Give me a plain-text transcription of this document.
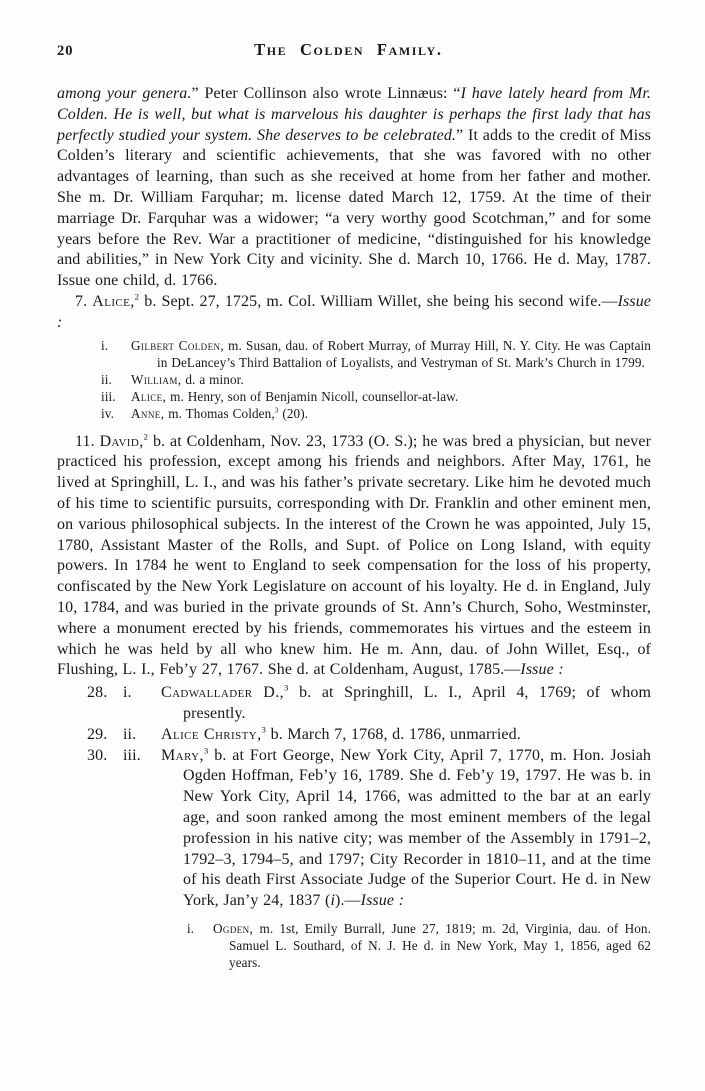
20	The Colden Family.

among your genera.” Peter Collinson also wrote Linnæus: “I have lately heard from Mr. Colden. He is well, but what is marvelous his daughter is perhaps the first lady that has perfectly studied your system. She deserves to be celebrated.” It adds to the credit of Miss Colden’s literary and scientific achievements, that she was favored with no other advantages of learning, than such as she received at home from her father and mother. She m. Dr. William Farquhar; m. license dated March 12, 1759. At the time of their marriage Dr. Farquhar was a widower; “a very worthy good Scotchman,” and for some years before the Rev. War a practitioner of medicine, “distinguished for his knowledge and abilities,” in New York City and vicinity. She d. March 10, 1766. He d. May, 1787. Issue one child, d. 1766.

7. Alice,$^2$ b. Sept. 27, 1725, m. Col. William Willet, she being his second wife.—Issue :

i.	Gilbert Colden, m. Susan, dau. of Robert Murray, of Murray Hill, N. Y. City. He was Captain in DeLancey’s Third Battalion of Loyalists, and Vestryman of St. Mark’s Church in 1799.
ii.	William, d. a minor.
iii.	Alice, m. Henry, son of Benjamin Nicoll, counsellor-at-law.
iv.	Anne, m. Thomas Colden,$^3$ (20).

11. David,$^2$ b. at Coldenham, Nov. 23, 1733 (O. S.); he was bred a physician, but never practiced his profession, except among his friends and neighbors. After May, 1761, he lived at Springhill, L. I., and was his father’s private secretary. Like him he devoted much of his time to scientific pursuits, corresponding with Dr. Franklin and other eminent men, on various philosophical subjects. In the interest of the Crown he was appointed, July 15, 1780, Assistant Master of the Rolls, and Supt. of Police on Long Island, with equity powers. In 1784 he went to England to seek compensation for the loss of his property, confiscated by the New York Legislature on account of his loyalty. He d. in England, July 10, 1784, and was buried in the private grounds of St. Ann’s Church, Soho, Westminster, where a monument erected by his friends, commemorates his virtues and the esteem in which he was held by all who knew him. He m. Ann, dau. of John Willet, Esq., of Flushing, L. I., Feb’y 27, 1767. She d. at Coldenham, August, 1785.—Issue :

28. i.	Cadwallader D.,$^3$ b. at Springhill, L. I., April 4, 1769; of whom presently.
29. ii.	Alice Christy,$^3$ b. March 7, 1768, d. 1786, unmarried.
30. iii.	Mary,$^3$ b. at Fort George, New York City, April 7, 1770, m. Hon. Josiah Ogden Hoffman, Feb’y 16, 1789. She d. Feb’y 19, 1797. He was b. in New York City, April 14, 1766, was admitted to the bar at an early age, and soon ranked among the most eminent members of the legal profession in his native city; was member of the Assembly in 1791–2, 1792–3, 1794–5, and 1797; City Recorder in 1810–11, and at the time of his death First Associate Judge of the Superior Court. He d. in New York, Jan’y 24, 1837 (i).—Issue :
i.	Ogden, m. 1st, Emily Burrall, June 27, 1819; m. 2d, Virginia, dau. of Hon. Samuel L. Southard, of N. J. He d. in New York, May 1, 1856, aged 62 years.
